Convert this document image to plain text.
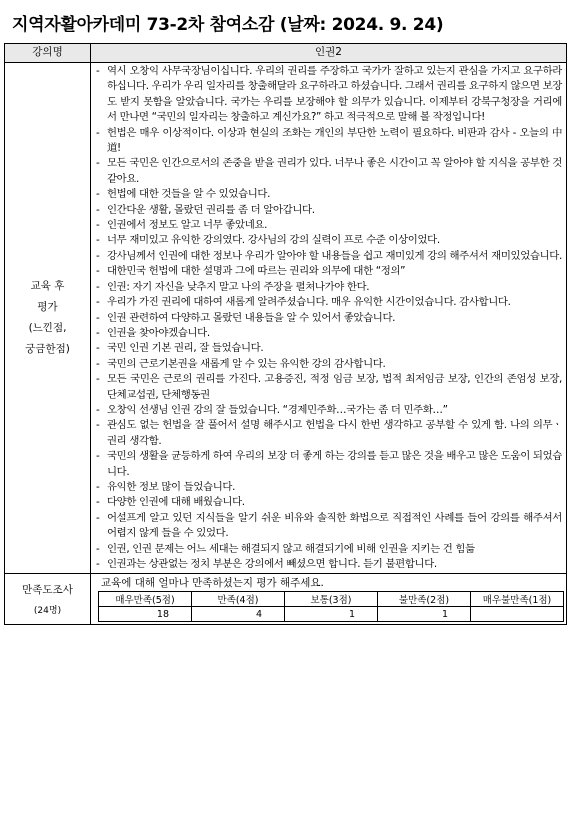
지역자활아카데미 73-2차 참여소감 (날짜: 2024. 9. 24)
강의명	인권2

교육 후
평가
(느낀점,
궁금한점)

- 역시 오창익 사무국장님이십니다. 우리의 권리를 주장하고 국가가 잘하고 있는지 관심을 가지고 요구하라 하십니다. 우리가 우리 일자리를 창출해달라 요구하라고 하셨습니다. 그래서 권리를 요구하지 않으면 보장도 받지 못함을 알았습니다. 국가는 우리를 보장해야 할 의무가 있습니다. 이제부터 강북구청장을 거리에서 만나면 “국민의 일자리는 창출하고 계신가요?” 하고 적극적으로 말해 볼 작정입니다!
- 헌법은 매우 이상적이다. 이상과 현실의 조화는 개인의 부단한 노력이 필요하다. 비판과 감사 - 오늘의 中道!
- 모든 국민은 인간으로서의 존중을 받을 권리가 있다. 너무나 좋은 시간이고 꼭 알아야 할 지식을 공부한 것 같아요.
- 헌법에 대한 것들을 알 수 있었습니다.
- 인간다운 생활, 몰랐던 권리를 좀 더 알아갑니다.
- 인권에서 정보도 알고 너무 좋았네요.
- 너무 재미있고 유익한 강의였다. 강사님의 강의 실력이 프로 수준 이상이었다.
- 강사님께서 인권에 대한 정보나 우리가 알아야 할 내용들을 쉽고 재미있게 강의 해주셔서 재미있었습니다.
- 대한민국 헌법에 대한 설명과 그에 따르는 권리와 의무에 대한 “정의”
- 인권: 자기 자신을 낮추지 말고 나의 주장을 펼쳐나가야 한다.
- 우리가 가진 권리에 대하여 새롭게 알려주셨습니다. 매우 유익한 시간이었습니다. 감사합니다.
- 인권 관련하여 다양하고 몰랐던 내용들을 알 수 있어서 좋았습니다.
- 인권을 찾아야겠습니다.
- 국민 인권 기본 권리, 잘 들었습니다.
- 국민의 근로기본권을 새롭게 알 수 있는 유익한 강의 감사합니다.
- 모든 국민은 근로의 권리를 가진다. 고용증진, 적정 임금 보장, 법적 최저임금 보장, 인간의 존엄성 보장, 단체교섭권, 단체행동권
- 오창익 선생님 인권 강의 잘 들었습니다. “경제민주화…국가는 좀 더 민주화…”
- 관심도 없는 헌법을 잘 풀어서 설명 해주시고 헌법을 다시 한번 생각하고 공부할 수 있게 함. 나의 의무ㆍ권리 생각함.
- 국민의 생활을 균등하게 하여 우리의 보장 더 좋게 하는 강의를 듣고 많은 것을 배우고 많은 도움이 되었습니다.
- 유익한 정보 많이 들었습니다.
- 다양한 인권에 대해 배웠습니다.
- 어설프게 알고 있던 지식들을 알기 쉬운 비유와 솔직한 화법으로 직접적인 사례를 들어 강의를 해주셔서 어렵지 않게 들을 수 있었다.
- 인권, 인권 문제는 어느 세대는 해결되지 않고 해결되기에 비해 인권을 지키는 건 힘듦
- 인권과는 상관없는 정치 부분은 강의에서 빼셨으면 합니다. 듣기 불편합니다.

만족도조사
(24명)

교육에 대해 얼마나 만족하셨는지 평가 해주세요.
매우만족(5점)	만족(4점)	보통(3점)	불만족(2점)	매우불만족(1점)
18	4	1	1	
